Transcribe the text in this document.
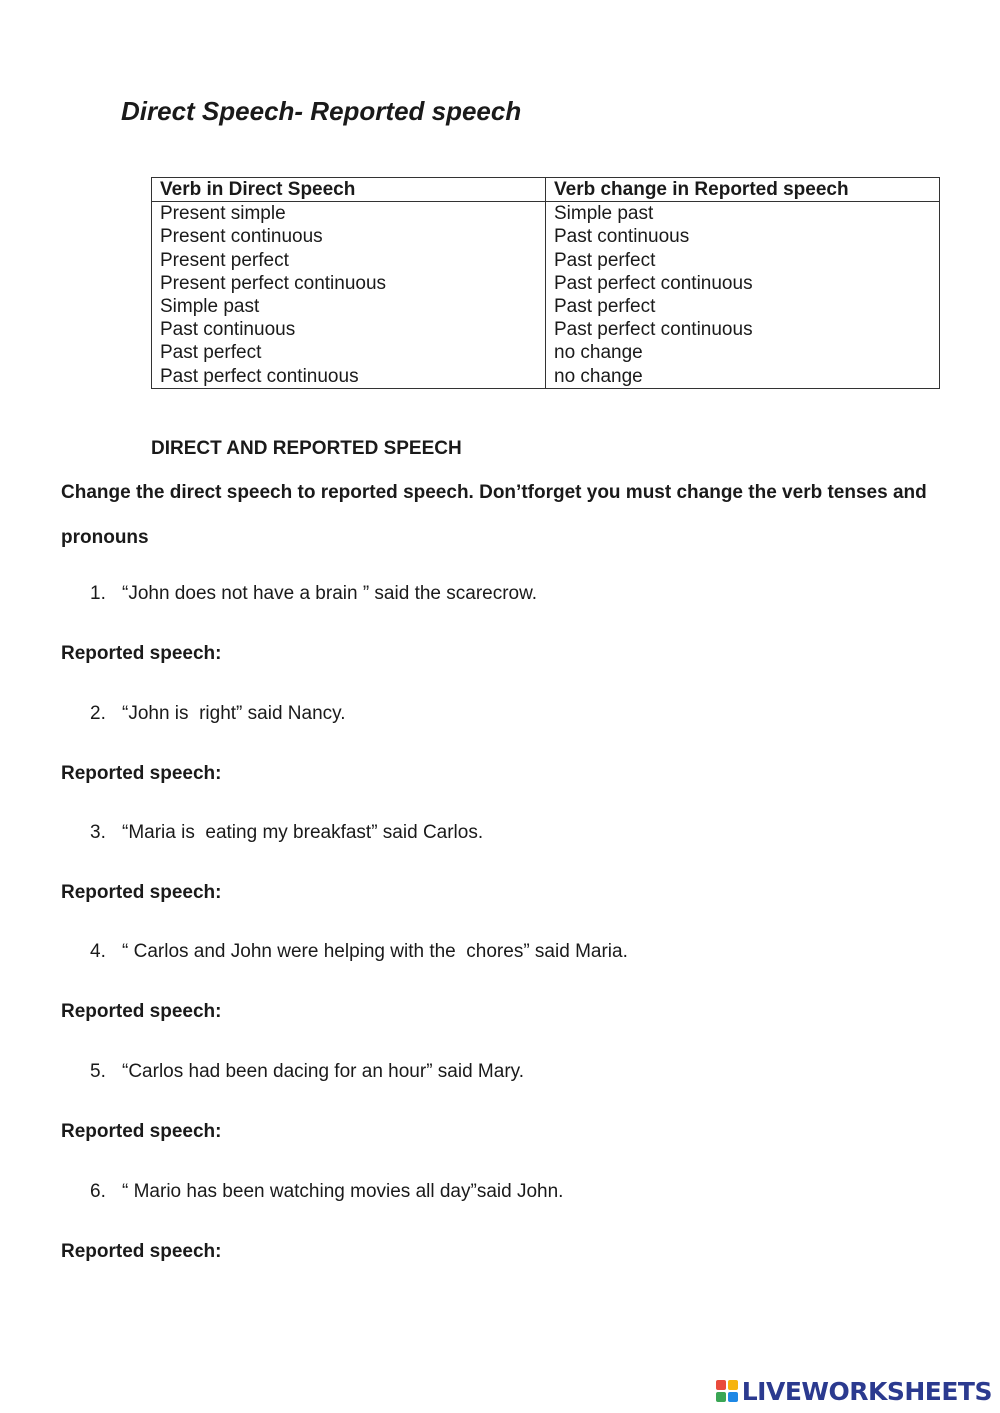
Direct Speech- Reported speech
Verb in Direct Speech	Verb change in Reported speech
Present simple	Simple past
Present continuous	Past continuous
Present perfect	Past perfect
Present perfect continuous	Past perfect continuous
Simple past	Past perfect
Past continuous	Past perfect continuous
Past perfect	no change
Past perfect continuous	no change
DIRECT AND REPORTED SPEECH

Change the direct speech to reported speech. Don’tforget you must change the verb tenses and pronouns

1. “John does not have a brain ” said the scarecrow.
Reported speech:
2. “John is  right” said Nancy.
Reported speech:
3. “Maria is  eating my breakfast” said Carlos.
Reported speech:
4. “ Carlos and John were helping with the  chores” said Maria.
Reported speech:
5. “Carlos had been dacing for an hour” said Mary.
Reported speech:
6. “ Mario has been watching movies all day”said John.
Reported speech:
LIVEWORKSHEETS
